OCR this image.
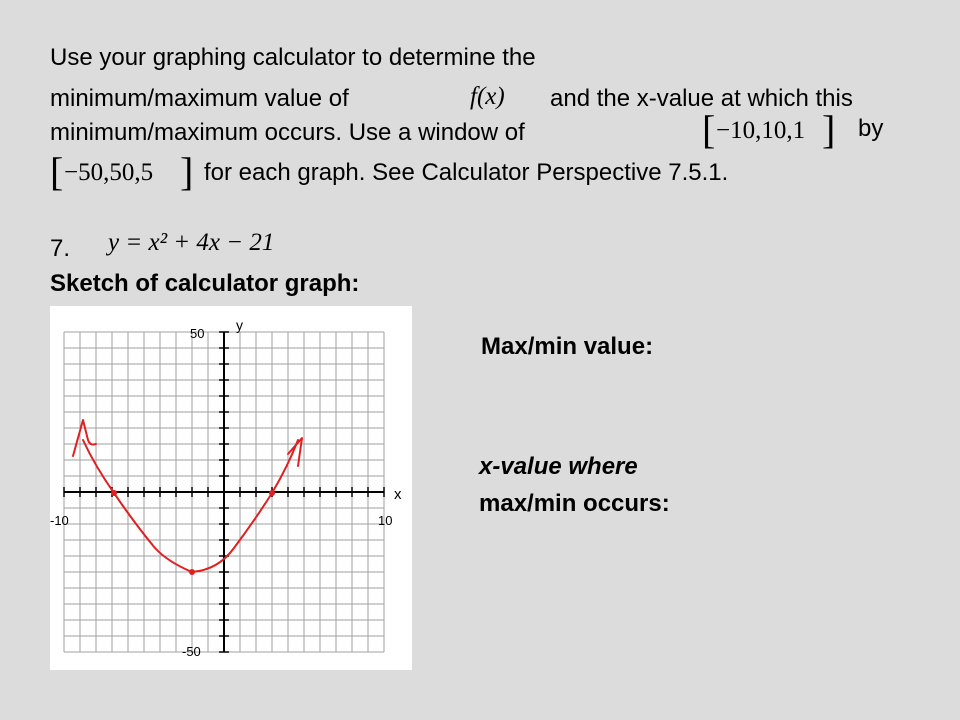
Use your graphing calculator to determine the
minimum/maximum value of	f(x) and the x-value at which this
minimum/maximum occurs. Use a window of	[ −10,10,1 ] by
[ −50,50,5 ] for each graph. See Calculator Perspective 7.5.1.
7. y = x² + 4x − 21
Sketch of calculator graph:
y
x
50
-50
-10	10
Max/min value:
x-value where
max/min occurs:
